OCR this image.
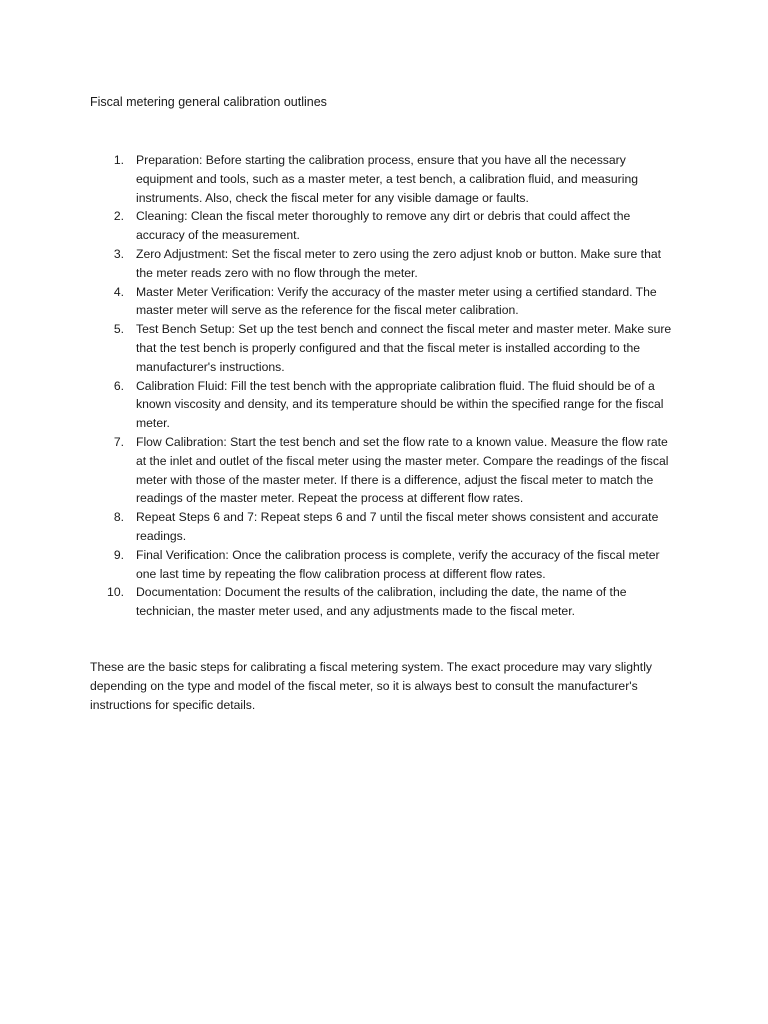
Fiscal metering general calibration outlines
1. Preparation: Before starting the calibration process, ensure that you have all the necessary equipment and tools, such as a master meter, a test bench, a calibration fluid, and measuring instruments. Also, check the fiscal meter for any visible damage or faults.
2. Cleaning: Clean the fiscal meter thoroughly to remove any dirt or debris that could affect the accuracy of the measurement.
3. Zero Adjustment: Set the fiscal meter to zero using the zero adjust knob or button. Make sure that the meter reads zero with no flow through the meter.
4. Master Meter Verification: Verify the accuracy of the master meter using a certified standard. The master meter will serve as the reference for the fiscal meter calibration.
5. Test Bench Setup: Set up the test bench and connect the fiscal meter and master meter. Make sure that the test bench is properly configured and that the fiscal meter is installed according to the manufacturer's instructions.
6. Calibration Fluid: Fill the test bench with the appropriate calibration fluid. The fluid should be of a known viscosity and density, and its temperature should be within the specified range for the fiscal meter.
7. Flow Calibration: Start the test bench and set the flow rate to a known value. Measure the flow rate at the inlet and outlet of the fiscal meter using the master meter. Compare the readings of the fiscal meter with those of the master meter. If there is a difference, adjust the fiscal meter to match the readings of the master meter. Repeat the process at different flow rates.
8. Repeat Steps 6 and 7: Repeat steps 6 and 7 until the fiscal meter shows consistent and accurate readings.
9. Final Verification: Once the calibration process is complete, verify the accuracy of the fiscal meter one last time by repeating the flow calibration process at different flow rates.
10. Documentation: Document the results of the calibration, including the date, the name of the technician, the master meter used, and any adjustments made to the fiscal meter.

These are the basic steps for calibrating a fiscal metering system. The exact procedure may vary slightly depending on the type and model of the fiscal meter, so it is always best to consult the manufacturer's instructions for specific details.
